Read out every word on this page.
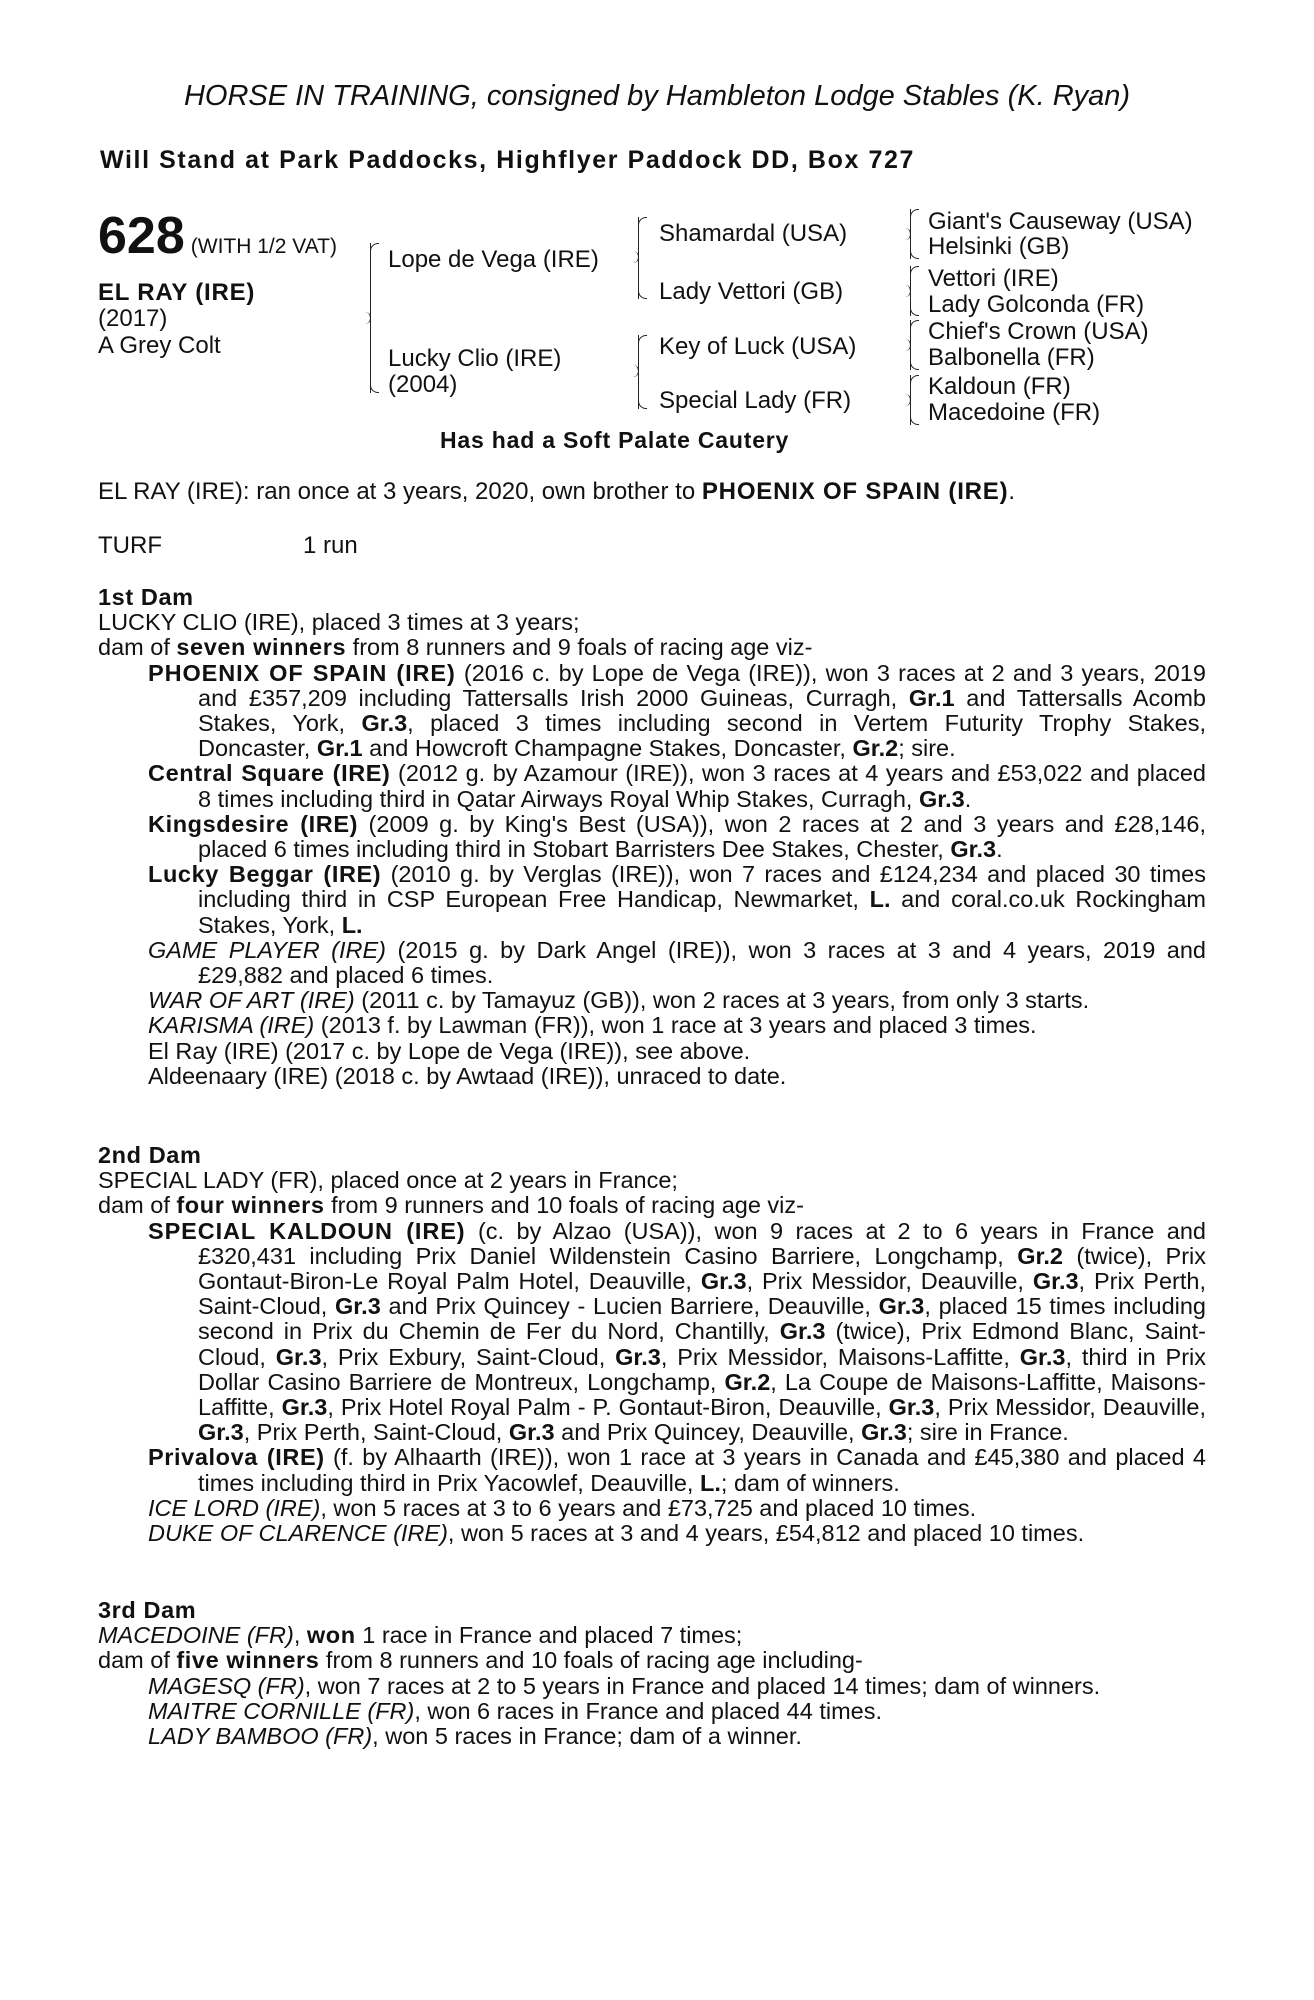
HORSE IN TRAINING, consigned by Hambleton Lodge Stables (K. Ryan)
Will Stand at Park Paddocks, Highflyer Paddock DD, Box 727
628 (WITH 1/2 VAT)
EL RAY (IRE)
(2017)
A Grey Colt
Lope de Vega (IRE)
Lucky Clio (IRE)
(2004)
Shamardal (USA)
Lady Vettori (GB)
Key of Luck (USA)
Special Lady (FR)
Giant's Causeway (USA)
Helsinki (GB)
Vettori (IRE)
Lady Golconda (FR)
Chief's Crown (USA)
Balbonella (FR)
Kaldoun (FR)
Macedoine (FR)
Has had a Soft Palate Cautery
EL RAY (IRE): ran once at 3 years, 2020, own brother to PHOENIX OF SPAIN (IRE).
TURF	1 run
1st Dam
LUCKY CLIO (IRE), placed 3 times at 3 years;
dam of seven winners from 8 runners and 9 foals of racing age viz-
PHOENIX OF SPAIN (IRE) (2016 c. by Lope de Vega (IRE)), won 3 races at 2 and 3 years, 2019 and £357,209 including Tattersalls Irish 2000 Guineas, Curragh, Gr.1 and Tattersalls Acomb Stakes, York, Gr.3, placed 3 times including second in Vertem Futurity Trophy Stakes, Doncaster, Gr.1 and Howcroft Champagne Stakes, Doncaster, Gr.2; sire.
Central Square (IRE) (2012 g. by Azamour (IRE)), won 3 races at 4 years and £53,022 and placed 8 times including third in Qatar Airways Royal Whip Stakes, Curragh, Gr.3.
Kingsdesire (IRE) (2009 g. by King's Best (USA)), won 2 races at 2 and 3 years and £28,146, placed 6 times including third in Stobart Barristers Dee Stakes, Chester, Gr.3.
Lucky Beggar (IRE) (2010 g. by Verglas (IRE)), won 7 races and £124,234 and placed 30 times including third in CSP European Free Handicap, Newmarket, L. and coral.co.uk Rockingham Stakes, York, L.
GAME PLAYER (IRE) (2015 g. by Dark Angel (IRE)), won 3 races at 3 and 4 years, 2019 and £29,882 and placed 6 times.
WAR OF ART (IRE) (2011 c. by Tamayuz (GB)), won 2 races at 3 years, from only 3 starts.
KARISMA (IRE) (2013 f. by Lawman (FR)), won 1 race at 3 years and placed 3 times.
El Ray (IRE) (2017 c. by Lope de Vega (IRE)), see above.
Aldeenaary (IRE) (2018 c. by Awtaad (IRE)), unraced to date.
2nd Dam
SPECIAL LADY (FR), placed once at 2 years in France;
dam of four winners from 9 runners and 10 foals of racing age viz-
SPECIAL KALDOUN (IRE) (c. by Alzao (USA)), won 9 races at 2 to 6 years in France and £320,431 including Prix Daniel Wildenstein Casino Barriere, Longchamp, Gr.2 (twice), Prix Gontaut-Biron-Le Royal Palm Hotel, Deauville, Gr.3, Prix Messidor, Deauville, Gr.3, Prix Perth, Saint-Cloud, Gr.3 and Prix Quincey - Lucien Barriere, Deauville, Gr.3, placed 15 times including second in Prix du Chemin de Fer du Nord, Chantilly, Gr.3 (twice), Prix Edmond Blanc, Saint-Cloud, Gr.3, Prix Exbury, Saint-Cloud, Gr.3, Prix Messidor, Maisons-Laffitte, Gr.3, third in Prix Dollar Casino Barriere de Montreux, Longchamp, Gr.2, La Coupe de Maisons-Laffitte, Maisons-Laffitte, Gr.3, Prix Hotel Royal Palm - P. Gontaut-Biron, Deauville, Gr.3, Prix Messidor, Deauville, Gr.3, Prix Perth, Saint-Cloud, Gr.3 and Prix Quincey, Deauville, Gr.3; sire in France.
Privalova (IRE) (f. by Alhaarth (IRE)), won 1 race at 3 years in Canada and £45,380 and placed 4 times including third in Prix Yacowlef, Deauville, L.; dam of winners.
ICE LORD (IRE), won 5 races at 3 to 6 years and £73,725 and placed 10 times.
DUKE OF CLARENCE (IRE), won 5 races at 3 and 4 years, £54,812 and placed 10 times.
3rd Dam
MACEDOINE (FR), won 1 race in France and placed 7 times;
dam of five winners from 8 runners and 10 foals of racing age including-
MAGESQ (FR), won 7 races at 2 to 5 years in France and placed 14 times; dam of winners.
MAITRE CORNILLE (FR), won 6 races in France and placed 44 times.
LADY BAMBOO (FR), won 5 races in France; dam of a winner.
